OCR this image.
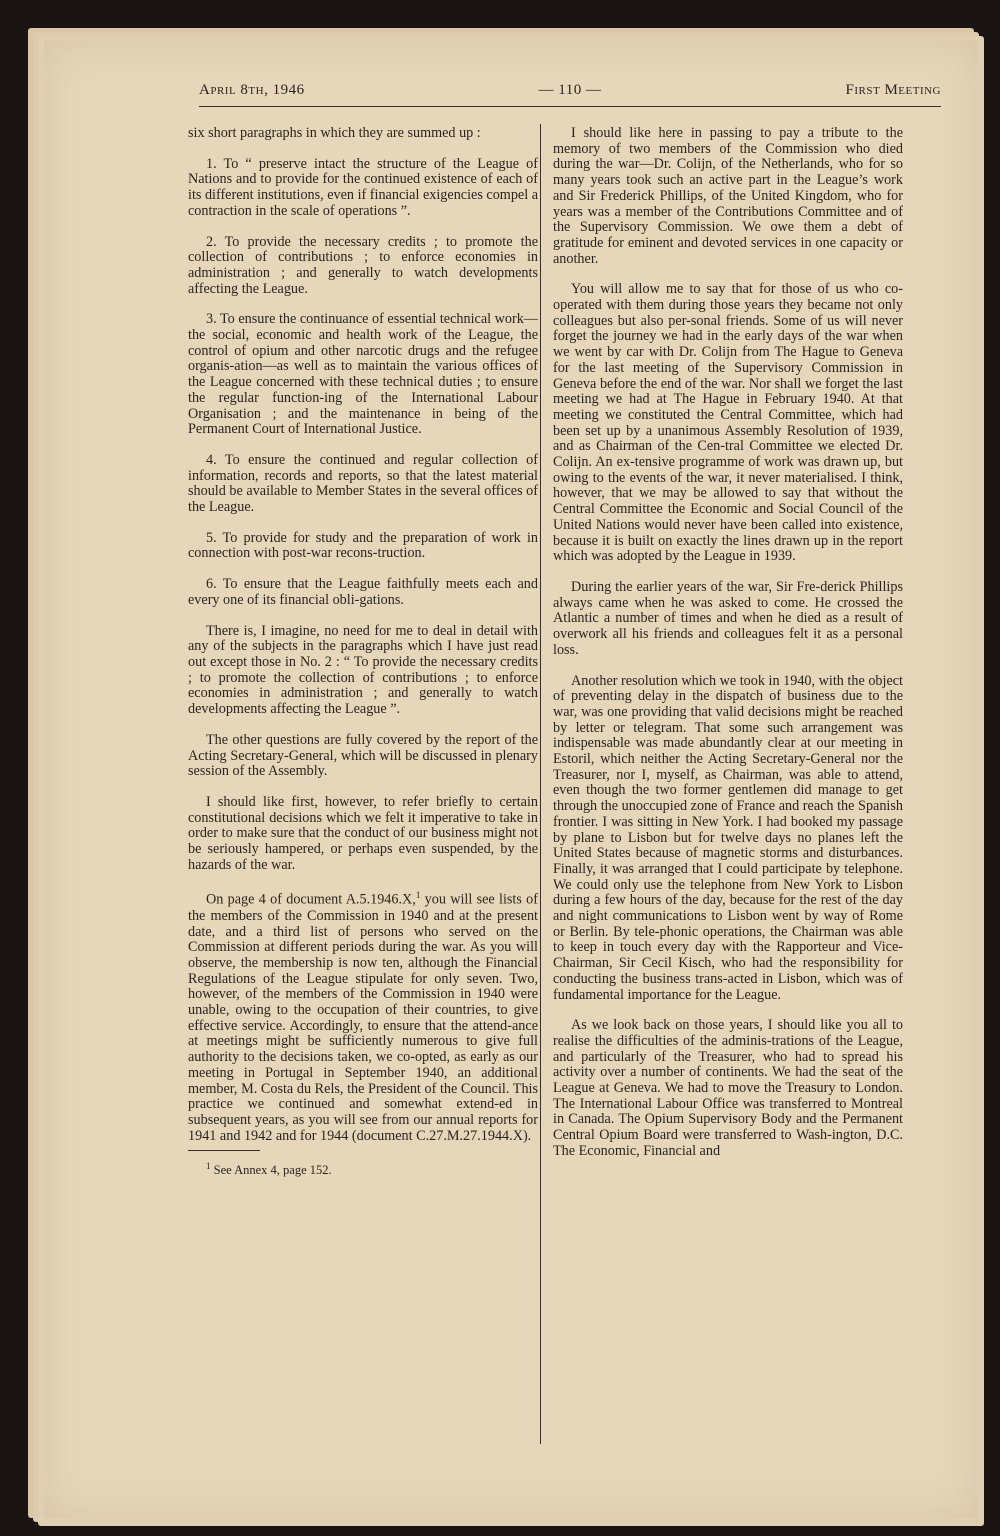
April 8th, 1946	— 110 —	First Meeting

six short paragraphs in which they are summed up :

1. To “ preserve intact the structure of the League of Nations and to provide for the continued existence of each of its different institutions, even if financial exigencies compel a contraction in the scale of operations ”.

2. To provide the necessary credits ; to promote the collection of contributions ; to enforce economies in administration ; and generally to watch developments affecting the League.

3. To ensure the continuance of essential technical work—the social, economic and health work of the League, the control of opium and other narcotic drugs and the refugee organis-ation—as well as to maintain the various offices of the League concerned with these technical duties ; to ensure the regular function-ing of the International Labour Organisation ; and the maintenance in being of the Permanent Court of International Justice.

4. To ensure the continued and regular collection of information, records and reports, so that the latest material should be available to Member States in the several offices of the League.

5. To provide for study and the preparation of work in connection with post-war recons-truction.

6. To ensure that the League faithfully meets each and every one of its financial obli-gations.

There is, I imagine, no need for me to deal in detail with any of the subjects in the paragraphs which I have just read out except those in No. 2 : “ To provide the necessary credits ; to promote the collection of contributions ; to enforce economies in administration ; and generally to watch developments affecting the League ”.

The other questions are fully covered by the report of the Acting Secretary-General, which will be discussed in plenary session of the Assembly.

I should like first, however, to refer briefly to certain constitutional decisions which we felt it imperative to take in order to make sure that the conduct of our business might not be seriously hampered, or perhaps even suspended, by the hazards of the war.

On page 4 of document A.5.1946.X,$^1$ you will see lists of the members of the Commission in 1940 and at the present date, and a third list of persons who served on the Commission at different periods during the war. As you will observe, the membership is now ten, although the Financial Regulations of the League stipulate for only seven. Two, however, of the members of the Commission in 1940 were unable, owing to the occupation of their countries, to give effective service. Accordingly, to ensure that the attend-ance at meetings might be sufficiently numerous to give full authority to the decisions taken, we co-opted, as early as our meeting in Portugal in September 1940, an additional member, M. Costa du Rels, the President of the Council. This practice we continued and somewhat extend-ed in subsequent years, as you will see from our annual reports for 1941 and 1942 and for 1944 (document C.27.M.27.1944.X).

$^1$ See Annex 4, page 152.

I should like here in passing to pay a tribute to the memory of two members of the Commission who died during the war—Dr. Colijn, of the Netherlands, who for so many years took such an active part in the League’s work and Sir Frederick Phillips, of the United Kingdom, who for years was a member of the Contributions Committee and of the Supervisory Commission. We owe them a debt of gratitude for eminent and devoted services in one capacity or another.

You will allow me to say that for those of us who co-operated with them during those years they became not only colleagues but also per-sonal friends. Some of us will never forget the journey we had in the early days of the war when we went by car with Dr. Colijn from The Hague to Geneva for the last meeting of the Supervisory Commission in Geneva before the end of the war. Nor shall we forget the last meeting we had at The Hague in February 1940. At that meeting we constituted the Central Committee, which had been set up by a unanimous Assembly Resolution of 1939, and as Chairman of the Cen-tral Committee we elected Dr. Colijn. An ex-tensive programme of work was drawn up, but owing to the events of the war, it never materialised. I think, however, that we may be allowed to say that without the Central Committee the Economic and Social Council of the United Nations would never have been called into existence, because it is built on exactly the lines drawn up in the report which was adopted by the League in 1939.

During the earlier years of the war, Sir Fre-derick Phillips always came when he was asked to come. He crossed the Atlantic a number of times and when he died as a result of overwork all his friends and colleagues felt it as a personal loss.

Another resolution which we took in 1940, with the object of preventing delay in the dispatch of business due to the war, was one providing that valid decisions might be reached by letter or telegram. That some such arrangement was indispensable was made abundantly clear at our meeting in Estoril, which neither the Acting Secretary-General nor the Treasurer, nor I, myself, as Chairman, was able to attend, even though the two former gentlemen did manage to get through the unoccupied zone of France and reach the Spanish frontier. I was sitting in New York. I had booked my passage by plane to Lisbon but for twelve days no planes left the United States because of magnetic storms and disturbances. Finally, it was arranged that I could participate by telephone. We could only use the telephone from New York to Lisbon during a few hours of the day, because for the rest of the day and night communications to Lisbon went by way of Rome or Berlin. By tele-phonic operations, the Chairman was able to keep in touch every day with the Rapporteur and Vice-Chairman, Sir Cecil Kisch, who had the responsibility for conducting the business trans-acted in Lisbon, which was of fundamental importance for the League.

As we look back on those years, I should like you all to realise the difficulties of the adminis-trations of the League, and particularly of the Treasurer, who had to spread his activity over a number of continents. We had the seat of the League at Geneva. We had to move the Treasury to London. The International Labour Office was transferred to Montreal in Canada. The Opium Supervisory Body and the Permanent Central Opium Board were transferred to Wash-ington, D.C. The Economic, Financial and
